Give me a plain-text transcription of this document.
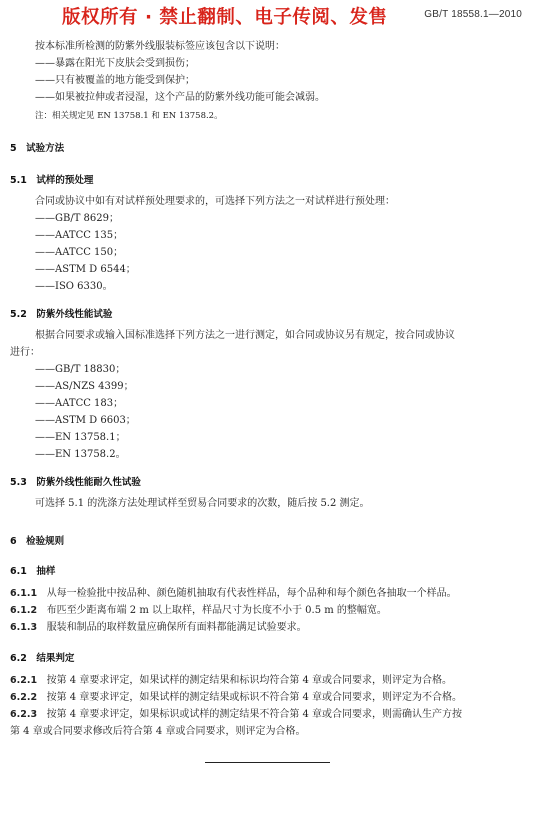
GB/T 18558.1—2010
版权所有 · 禁止翻制、电子传阅、发售
按本标准所检测的防紫外线服装标签应该包含以下说明：
——暴露在阳光下皮肤会受到损伤；
——只有被覆盖的地方能受到保护；
——如果被拉伸或者浸湿，这个产品的防紫外线功能可能会减弱。
注：相关规定见 EN 13758.1 和 EN 13758.2。
5　试验方法
5.1　试样的预处理
合同或协议中如有对试样预处理要求的，可选择下列方法之一对试样进行预处理：
——GB/T 8629；
——AATCC 135；
——AATCC 150；
——ASTM D 6544；
——ISO 6330。
5.2　防紫外线性能试验
根据合同要求或输入国标准选择下列方法之一进行测定，如合同或协议另有规定，按合同或协议
进行：
——GB/T 18830；
——AS/NZS 4399；
——AATCC 183；
——ASTM D 6603；
——EN 13758.1；
——EN 13758.2。
5.3　防紫外线性能耐久性试验
可选择 5.1 的洗涤方法处理试样至贸易合同要求的次数，随后按 5.2 测定。
6　检验规则
6.1　抽样
6.1.1 从每一检验批中按品种、颜色随机抽取有代表性样品，每个品种和每个颜色各抽取一个样品。
6.1.2 布匹至少距离布端 2 m 以上取样，样品尺寸为长度不小于 0.5 m 的整幅宽。
6.1.3 服装和制品的取样数量应确保所有面料都能满足试验要求。
6.2　结果判定
6.2.1 按第 4 章要求评定，如果试样的测定结果和标识均符合第 4 章或合同要求，则评定为合格。
6.2.2 按第 4 章要求评定，如果试样的测定结果或标识不符合第 4 章或合同要求，则评定为不合格。
6.2.3 按第 4 章要求评定，如果标识或试样的测定结果不符合第 4 章或合同要求，则需确认生产方按
第 4 章或合同要求修改后符合第 4 章或合同要求，则评定为合格。
